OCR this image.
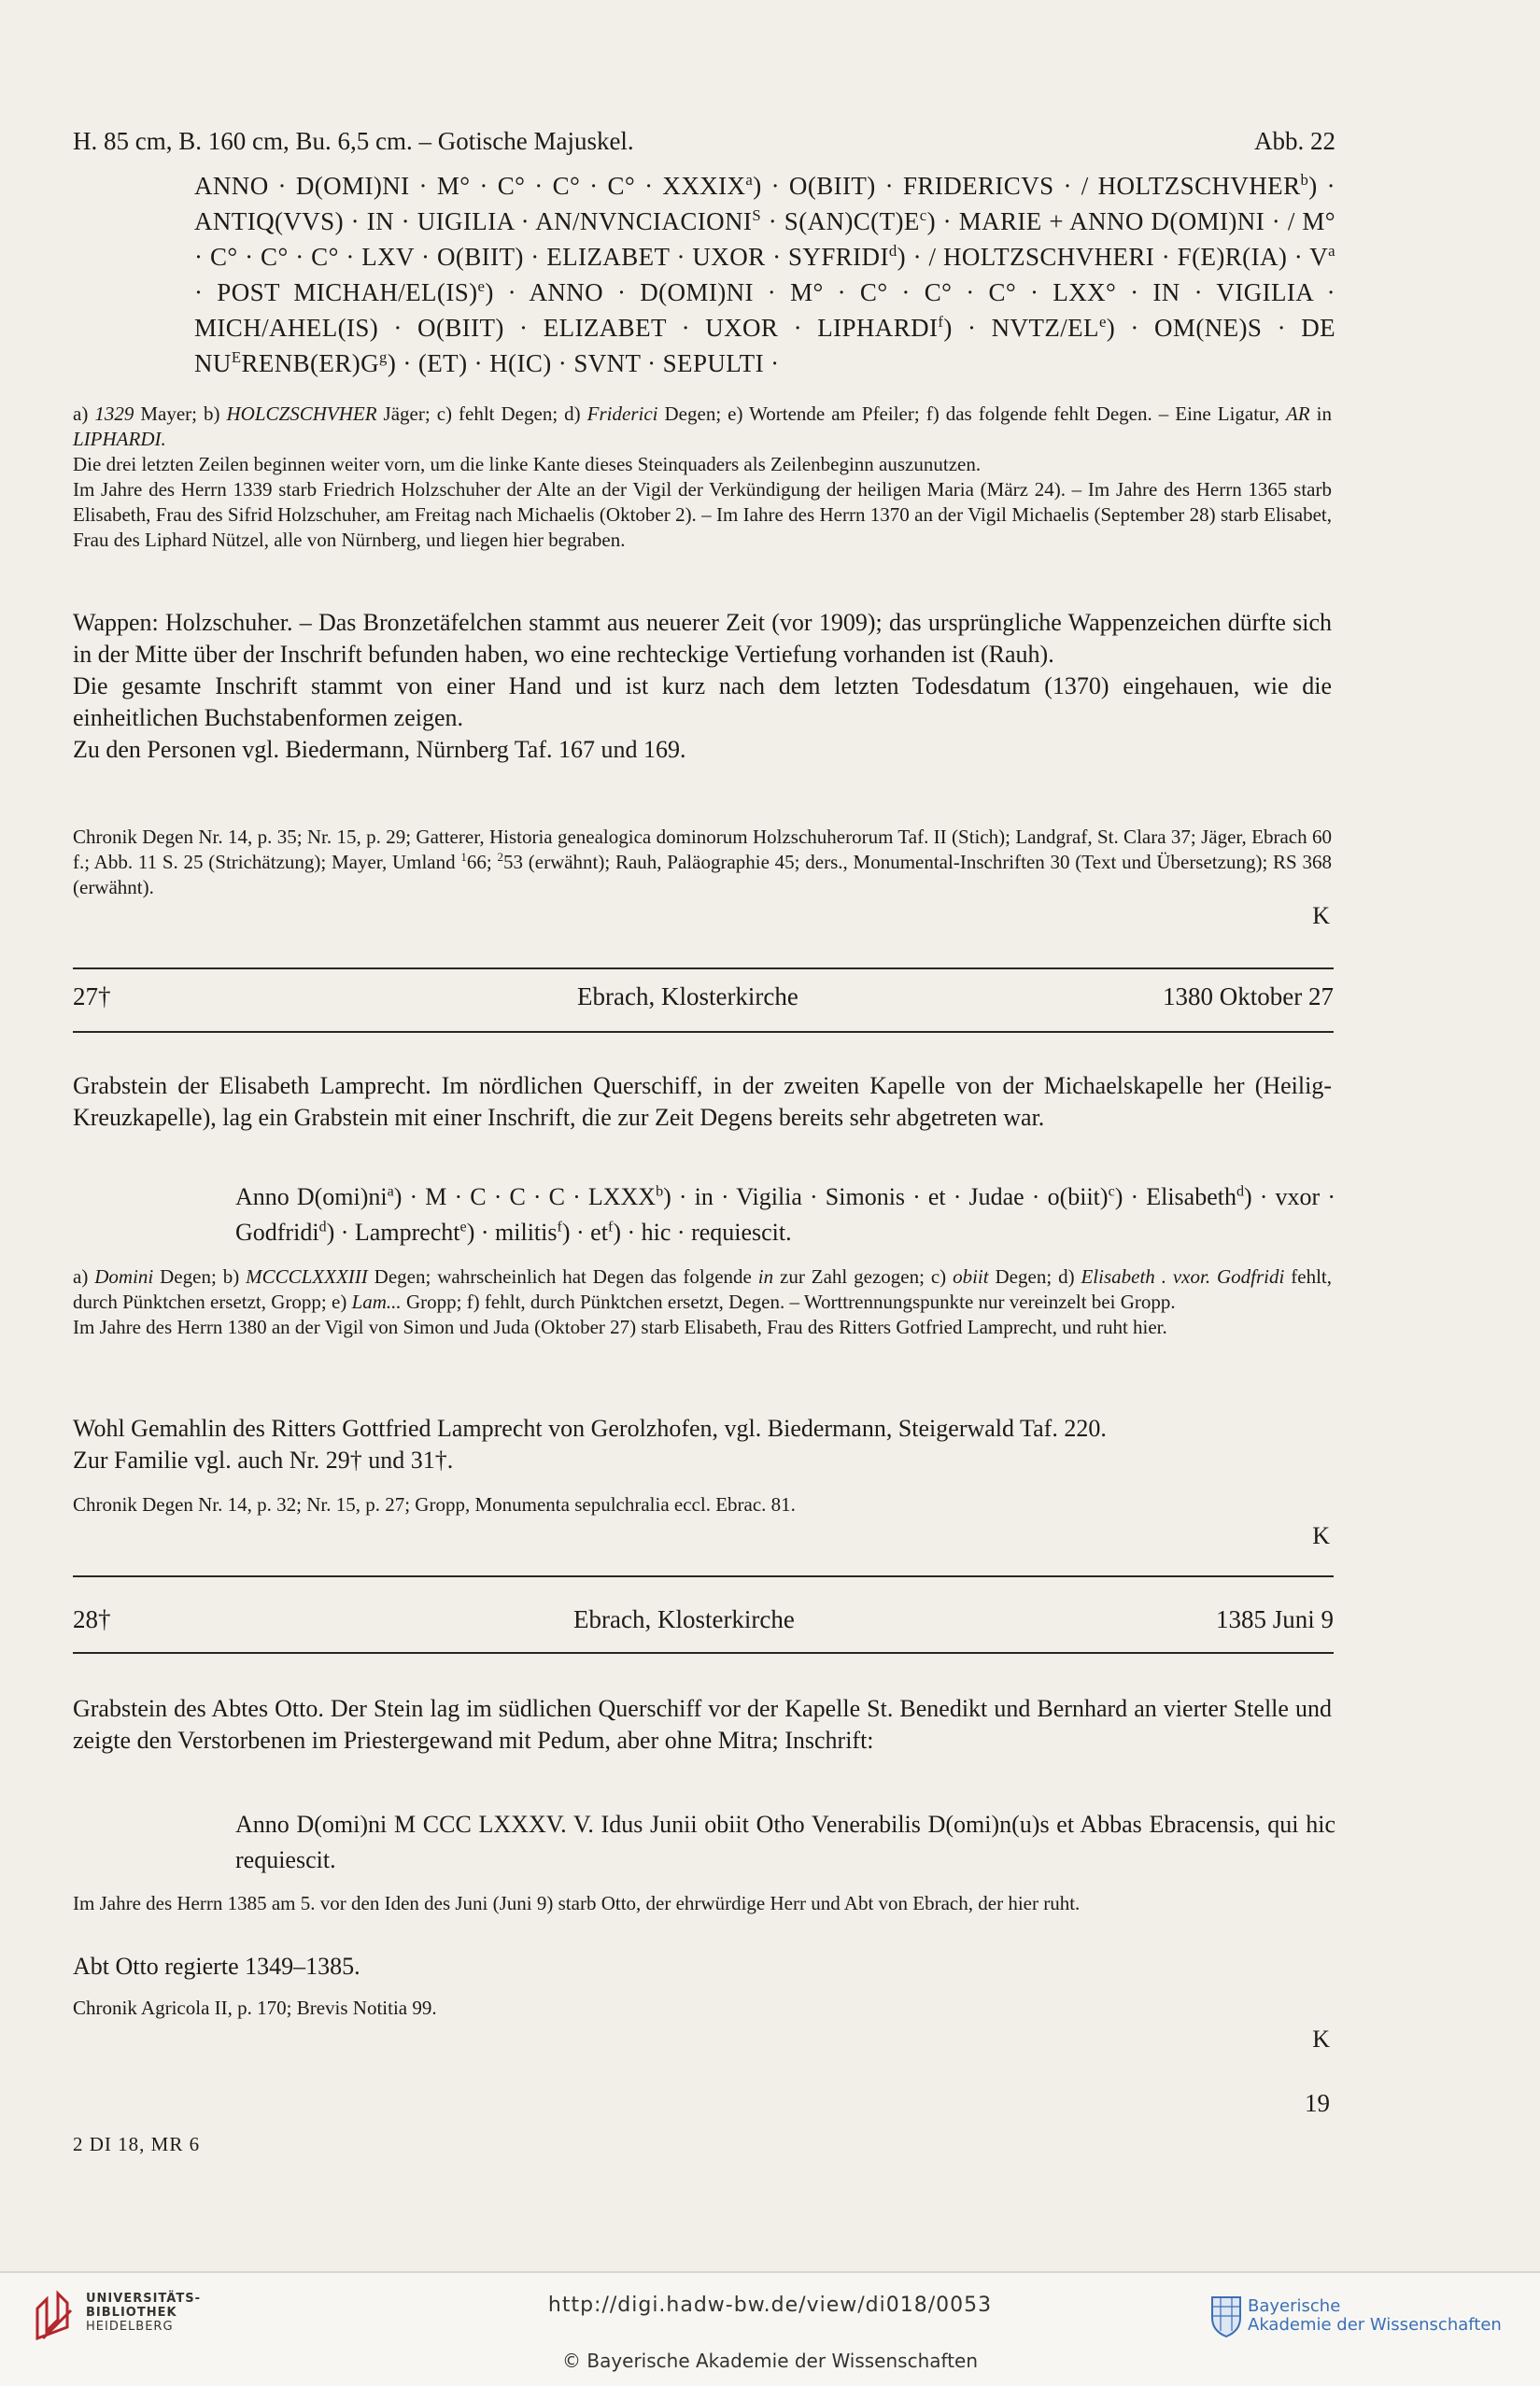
H. 85 cm, B. 160 cm, Bu. 6,5 cm. – Gotische Majuskel.	Abb. 22
ANNO · $D(OMI)NI \cdot M^\circ \cdot C^\circ \cdot C^\circ \cdot C^\circ \cdot XXXIX^a$) · O(BIIT) · FRIDERICVS · / $HOLTZSCHVHER^b$) · ANTIQ(VVS) · IN · UIGILIA · $AN/NVNCIACIONI^S \cdot S(AN)C(T)E^c$) · MARIE + ANNO D(OMI)NI · / M° · C° · C° · C° · LXV · O(BIIT) · ELIZABET · UXOR · $SYFRIDI^d$) · / HOLTZSCHVHERI · $F(E)R(IA) \cdot V^a$ · POST MICHAH/EL(IS)$^e$) · ANNO · D(OMI)NI · M° · C° · C° · C° · LXX° · IN · VIGILIA · MICH/AHEL(IS) · O(BIIT) · ELIZABET · UXOR · $LIPHARDI^f$) · NVTZ/$EL^e) \cdot OM(NE)S$ · DE $NU^ERENB(ER)G^g) \cdot (ET) \cdot H(IC)$ · SVNT · SEPULTI ·

a) 1329 Mayer; b) HOLCZSCHVHER Jäger; c) fehlt Degen; d) Friderici Degen; e) Wortende am Pfeiler; f) das folgende fehlt Degen. – Eine Ligatur, AR in LIPHARDI.

Die drei letzten Zeilen beginnen weiter vorn, um die linke Kante dieses Steinquaders als Zeilenbeginn auszunutzen.

Im Jahre des Herrn 1339 starb Friedrich Holzschuher der Alte an der Vigil der Verkündigung der heiligen Maria (März 24). – Im Jahre des Herrn 1365 starb Elisabeth, Frau des Sifrid Holzschuher, am Freitag nach Michaelis (Oktober 2). – Im Iahre des Herrn 1370 an der Vigil Michaelis (September 28) starb Elisabet, Frau des Liphard Nützel, alle von Nürnberg, und liegen hier begraben.

Wappen: Holzschuher. – Das Bronzetäfelchen stammt aus neuerer Zeit (vor 1909); das ursprüngliche Wappenzeichen dürfte sich in der Mitte über der Inschrift befunden haben, wo eine rechteckige Vertiefung vorhanden ist (Rauh).

Die gesamte Inschrift stammt von einer Hand und ist kurz nach dem letzten Todesdatum (1370) eingehauen, wie die einheitlichen Buchstabenformen zeigen.

Zu den Personen vgl. Biedermann, Nürnberg Taf. 167 und 169.

Chronik Degen Nr. 14, p. 35; Nr. 15, p. 29; Gatterer, Historia genealogica dominorum Holzschuherorum Taf. II (Stich); Landgraf, St. Clara 37; Jäger, Ebrach 60 f.; Abb. 11 S. 25 (Strichätzung); Mayer, Umland $^1$66; $^2$53 (erwähnt); Rauh, Paläographie 45; ders., Monumental-Inschriften 30 (Text und Übersetzung); RS 368 (erwähnt).
K
27†	Ebrach, Klosterkirche	1380 Oktober 27
Grabstein der Elisabeth Lamprecht. Im nördlichen Querschiff, in der zweiten Kapelle von der Michaelskapelle her (Heilig-Kreuzkapelle), lag ein Grabstein mit einer Inschrift, die zur Zeit Degens bereits sehr abgetreten war.
Anno $D(omi)ni^a) \cdot M \cdot C \cdot C \cdot C$ · $LXXX^b$) · in · Vigilia · Simonis · et · Judae · o(biit)$^c$) · Elisabeth$^d$) · vxor · Godfridi$^d$) · Lamprecht$^e$) · militis$^f$) · $et^f$) · hic · requiescit.

a) Domini Degen; b) MCCCLXXXIII Degen; wahrscheinlich hat Degen das folgende in zur Zahl gezogen; c) obiit Degen; d) Elisabeth . vxor. Godfridi fehlt, durch Pünktchen ersetzt, Gropp; e) Lam... Gropp; f) fehlt, durch Pünktchen ersetzt, Degen. – Worttrennungspunkte nur vereinzelt bei Gropp.

Im Jahre des Herrn 1380 an der Vigil von Simon und Juda (Oktober 27) starb Elisabeth, Frau des Ritters Gotfried Lamprecht, und ruht hier.

Wohl Gemahlin des Ritters Gottfried Lamprecht von Gerolzhofen, vgl. Biedermann, Steigerwald Taf. 220.

Zur Familie vgl. auch Nr. 29† und 31†.

Chronik Degen Nr. 14, p. 32; Nr. 15, p. 27; Gropp, Monumenta sepulchralia eccl. Ebrac. 81.
K
28†	Ebrach, Klosterkirche	1385 Juni 9
Grabstein des Abtes Otto. Der Stein lag im südlichen Querschiff vor der Kapelle St. Benedikt und Bernhard an vierter Stelle und zeigte den Verstorbenen im Priestergewand mit Pedum, aber ohne Mitra; Inschrift:
Anno D(omi)ni M CCC LXXXV. V. Idus Junii obiit Otho Venerabilis D(omi)n(u)s et Abbas Ebracensis, qui hic requiescit.
Im Jahre des Herrn 1385 am 5. vor den Iden des Juni (Juni 9) starb Otto, der ehrwürdige Herr und Abt von Ebrach, der hier ruht.
Abt Otto regierte 1349–1385.
Chronik Agricola II, p. 170; Brevis Notitia 99.
K
19
2 DI 18, MR 6
UNIVERSITÄTS-
BIBLIOTHEK
HEIDELBERG
http://digi.hadw-bw.de/view/di018/0053
© Bayerische Akademie der Wissenschaften
Bayerische
Akademie der Wissenschaften
